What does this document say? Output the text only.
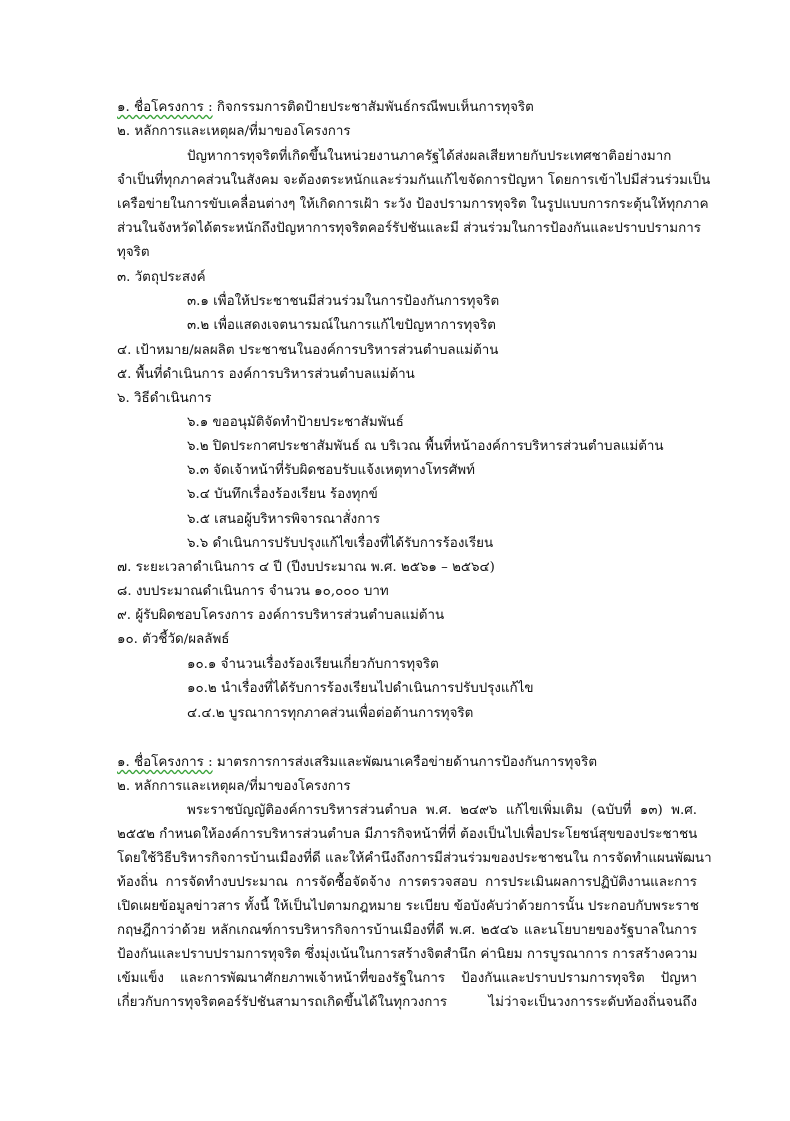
๑. ชื่อโครงการ : กิจกรรมการติดป้ายประชาสัมพันธ์กรณีพบเห็นการทุจริต
๒. หลักการและเหตุผล/ที่มาของโครงการ
ปัญหาการทุจริตที่เกิดขึ้นในหน่วยงานภาครัฐได้ส่งผลเสียหายกับประเทศชาติอย่างมาก
จำเป็นที่ทุกภาคส่วนในสังคม จะต้องตระหนักและร่วมกันแก้ไขจัดการปัญหา โดยการเข้าไปมีส่วนร่วมเป็น
เครือข่ายในการขับเคลื่อนต่างๆ ให้เกิดการเฝ้า ระวัง ป้องปรามการทุจริต ในรูปแบบการกระตุ้นให้ทุกภาค
ส่วนในจังหวัดได้ตระหนักถึงปัญหาการทุจริตคอร์รัปชันและมี ส่วนร่วมในการป้องกันและปราบปรามการ
ทุจริต
๓. วัตถุประสงค์
๓.๑ เพื่อให้ประชาชนมีส่วนร่วมในการป้องกันการทุจริต
๓.๒ เพื่อแสดงเจตนารมณ์ในการแก้ไขปัญหาการทุจริต
๔. เป้าหมาย/ผลผลิต ประชาชนในองค์การบริหารส่วนตำบลแม่ต้าน
๕. พื้นที่ดำเนินการ องค์การบริหารส่วนตำบลแม่ต้าน
๖. วิธีดำเนินการ
๖.๑ ขออนุมัติจัดทำป้ายประชาสัมพันธ์
๖.๒ ปิดประกาศประชาสัมพันธ์ ณ บริเวณ พื้นที่หน้าองค์การบริหารส่วนตำบลแม่ต้าน
๖.๓ จัดเจ้าหน้าที่รับผิดชอบรับแจ้งเหตุทางโทรศัพท์
๖.๔ บันทึกเรื่องร้องเรียน ร้องทุกข์
๖.๕ เสนอผู้บริหารพิจารณาสั่งการ
๖.๖ ดำเนินการปรับปรุงแก้ไขเรื่องที่ได้รับการร้องเรียน
๗. ระยะเวลาดำเนินการ ๔ ปี (ปีงบประมาณ พ.ศ. ๒๕๖๑ – ๒๕๖๔)
๘. งบประมาณดำเนินการ จำนวน ๑๐,๐๐๐ บาท
๙. ผู้รับผิดชอบโครงการ องค์การบริหารส่วนตำบลแม่ต้าน
๑๐. ตัวชี้วัด/ผลลัพธ์
๑๐.๑ จำนวนเรื่องร้องเรียนเกี่ยวกับการทุจริต
๑๐.๒ นำเรื่องที่ได้รับการร้องเรียนไปดำเนินการปรับปรุงแก้ไข
๔.๔.๒ บูรณาการทุกภาคส่วนเพื่อต่อต้านการทุจริต
๑. ชื่อโครงการ : มาตรการการส่งเสริมและพัฒนาเครือข่ายด้านการป้องกันการทุจริต
๒. หลักการและเหตุผล/ที่มาของโครงการ
พระราชบัญญัติองค์การบริหารส่วนตำบล พ.ศ. ๒๔๙๖ แก้ไขเพิ่มเติม (ฉบับที่ ๑๓) พ.ศ.
๒๕๕๒ กำหนดให้องค์การบริหารส่วนตำบล มีภารกิจหน้าที่ที่ ต้องเป็นไปเพื่อประโยชน์สุขของประชาชน
โดยใช้วิธีบริหารกิจการบ้านเมืองที่ดี และให้คำนึงถึงการมีส่วนร่วมของประชาชนใน การจัดทำแผนพัฒนา
ท้องถิ่น การจัดทำงบประมาณ การจัดซื้อจัดจ้าง การตรวจสอบ การประเมินผลการปฏิบัติงานและการ
เปิดเผยข้อมูลข่าวสาร ทั้งนี้ ให้เป็นไปตามกฎหมาย ระเบียบ ข้อบังคับว่าด้วยการนั้น ประกอบกับพระราช
กฤษฎีกาว่าด้วย หลักเกณฑ์การบริหารกิจการบ้านเมืองที่ดี พ.ศ. ๒๕๔๖ และนโยบายของรัฐบาลในการ
ป้องกันและปราบปรามการทุจริต ซึ่งมุ่งเน้นในการสร้างจิตสำนึก ค่านิยม การบูรณาการ การสร้างความ
เข้มแข็ง และการพัฒนาศักยภาพเจ้าหน้าที่ของรัฐในการ ป้องกันและปราบปรามการทุจริต ปัญหา
เกี่ยวกับการทุจริตคอร์รัปชันสามารถเกิดขึ้นได้ในทุกวงการ ไม่ว่าจะเป็นวงการระดับท้องถิ่นจนถึง
